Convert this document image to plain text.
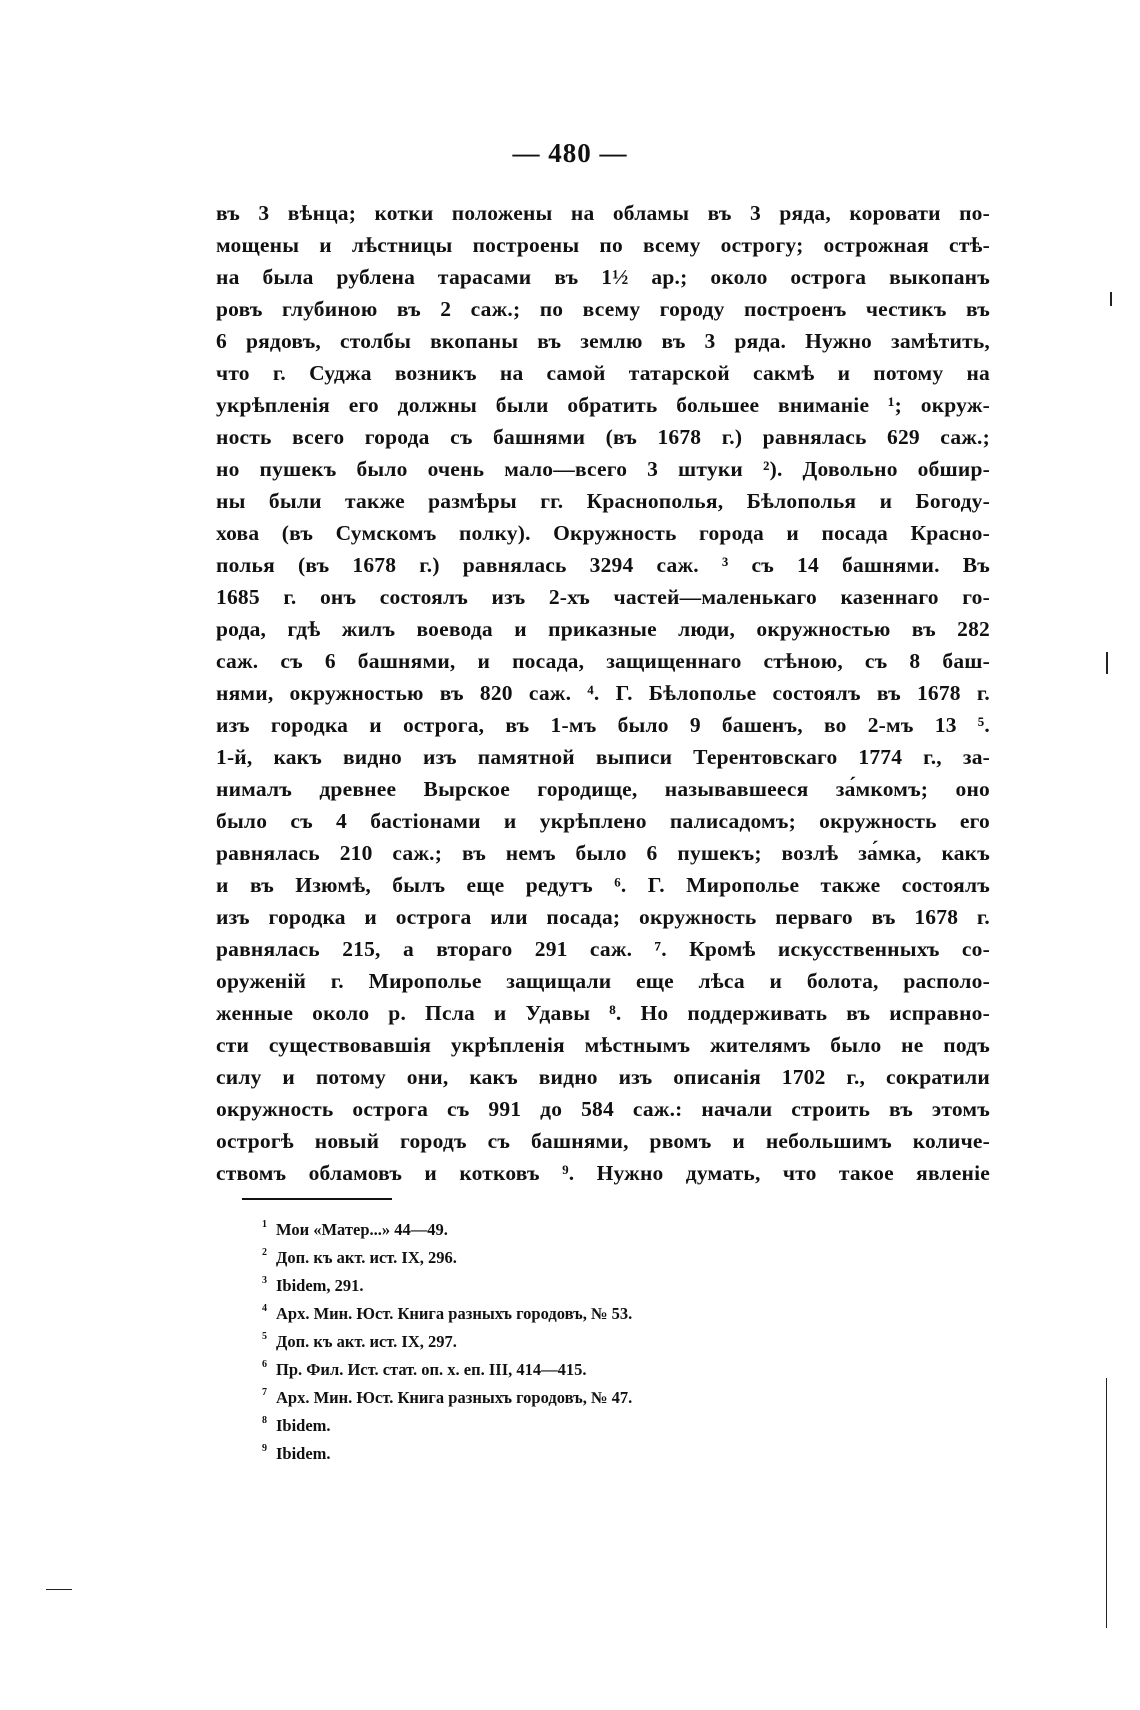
— 480 —
въ 3 вѣнца; котки положены на обламы въ 3 ряда, коровати по-
мощены и лѣстницы построены по всему острогу; острожная стѣ-
на была рублена тарасами въ 1½ ар.; около острога выкопанъ
ровъ глубиною въ 2 саж.; по всему городу построенъ честикъ въ
6 рядовъ, столбы вкопаны въ землю въ 3 ряда. Нужно замѣтить,
что г. Суджа возникъ на самой татарской сакмѣ и потому на
укрѣпленія его должны были обратить большее вниманіе ¹; окруж-
ность всего города съ башнями (въ 1678 г.) равнялась 629 саж.;
но пушекъ было очень мало—всего 3 штуки ²). Довольно обшир-
ны были также размѣры гг. Краснополья, Бѣлополья и Богоду-
хова (въ Сумскомъ полку). Окружность города и посада Красно-
полья (въ 1678 г.) равнялась 3294 саж. ³ съ 14 башнями. Въ
1685 г. онъ состоялъ изъ 2-хъ частей—маленькаго казеннаго го-
рода, гдѣ жилъ воевода и приказные люди, окружностью въ 282
саж. съ 6 башнями, и посада, защищеннаго стѣною, съ 8 баш-
нями, окружностью въ 820 саж. ⁴. Г. Бѣлополье состоялъ въ 1678 г.
изъ городка и острога, въ 1-мъ было 9 башенъ, во 2-мъ 13 ⁵.
1-й, какъ видно изъ памятной выписи Терентовскаго 1774 г., за-
нималъ древнее Вырское городище, называвшееся за́мкомъ; оно
было съ 4 бастіонами и укрѣплено палисадомъ; окружность его
равнялась 210 саж.; въ немъ было 6 пушекъ; возлѣ за́мка, какъ
и въ Изюмѣ, былъ еще редутъ ⁶. Г. Мирополье также состоялъ
изъ городка и острога или посада; окружность перваго въ 1678 г.
равнялась 215, а втораго 291 саж. ⁷. Кромѣ искусственныхъ со-
оруженій г. Мирополье защищали еще лѣса и болота, располо-
женные около р. Псла и Удавы ⁸. Но поддерживать въ исправно-
сти существовавшія укрѣпленія мѣстнымъ жителямъ было не подъ
силу и потому они, какъ видно изъ описанія 1702 г., сократили
окружность острога съ 991 до 584 саж.: начали строить въ этомъ
острогѣ новый городъ съ башнями, рвомъ и небольшимъ количе-
ствомъ обламовъ и котковъ ⁹. Нужно думать, что такое явленіе
1 Мои «Матер...» 44—49.
2 Доп. къ акт. ист. IX, 296.
3 Ibidem, 291.
4 Арх. Мин. Юст. Книга разныхъ городовъ, № 53.
5 Доп. къ акт. ист. IX, 297.
6 Пр. Фил. Ист. стат. оп. х. еп. III, 414—415.
7 Арх. Мин. Юст. Книга разныхъ городовъ, № 47.
8 Ibidem.
9 Ibidem.
